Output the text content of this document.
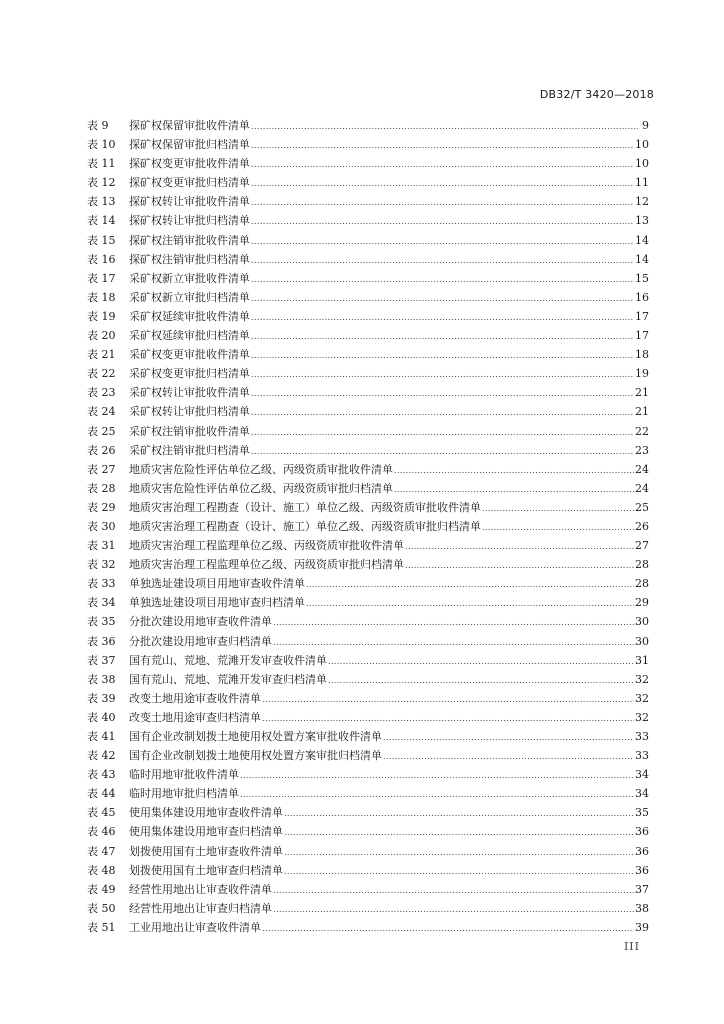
DB32/T 3420—2018
表 9	探矿权保留审批收件清单 .....	9
表 10	探矿权保留审批归档清单 .....	10
表 11	探矿权变更审批收件清单 .....	10
表 12	探矿权变更审批归档清单 .....	11
表 13	探矿权转让审批收件清单 .....	12
表 14	探矿权转让审批归档清单 .....	13
表 15	探矿权注销审批收件清单 .....	14
表 16	探矿权注销审批归档清单 .....	14
表 17	采矿权新立审批收件清单 .....	15
表 18	采矿权新立审批归档清单 .....	16
表 19	采矿权延续审批收件清单 .....	17
表 20	采矿权延续审批归档清单 .....	17
表 21	采矿权变更审批收件清单 .....	18
表 22	采矿权变更审批归档清单 .....	19
表 23	采矿权转让审批收件清单 .....	21
表 24	采矿权转让审批归档清单 .....	21
表 25	采矿权注销审批收件清单 .....	22
表 26	采矿权注销审批归档清单 .....	23
表 27	地质灾害危险性评估单位乙级、丙级资质审批收件清单 .....	24
表 28	地质灾害危险性评估单位乙级、丙级资质审批归档清单 .....	24
表 29	地质灾害治理工程勘查（设计、施工）单位乙级、丙级资质审批收件清单 .....	25
表 30	地质灾害治理工程勘查（设计、施工）单位乙级、丙级资质审批归档清单 .....	26
表 31	地质灾害治理工程监理单位乙级、丙级资质审批收件清单 .....	27
表 32	地质灾害治理工程监理单位乙级、丙级资质审批归档清单 .....	28
表 33	单独选址建设项目用地审查收件清单 .....	28
表 34	单独选址建设项目用地审查归档清单 .....	29
表 35	分批次建设用地审查收件清单 .....	30
表 36	分批次建设用地审查归档清单 .....	30
表 37	国有荒山、荒地、荒滩开发审查收件清单 .....	31
表 38	国有荒山、荒地、荒滩开发审查归档清单 .....	32
表 39	改变土地用途审查收件清单 .....	32
表 40	改变土地用途审查归档清单 .....	32
表 41	国有企业改制划拨土地使用权处置方案审批收件清单 .....	33
表 42	国有企业改制划拨土地使用权处置方案审批归档清单 .....	33
表 43	临时用地审批收件清单 .....	34
表 44	临时用地审批归档清单 .....	34
表 45	使用集体建设用地审查收件清单 .....	35
表 46	使用集体建设用地审查归档清单 .....	36
表 47	划拨使用国有土地审查收件清单 .....	36
表 48	划拨使用国有土地审查归档清单 .....	36
表 49	经营性用地出让审查收件清单 .....	37
表 50	经营性用地出让审查归档清单 .....	38
表 51	工业用地出让审查收件清单 .....	39
III
